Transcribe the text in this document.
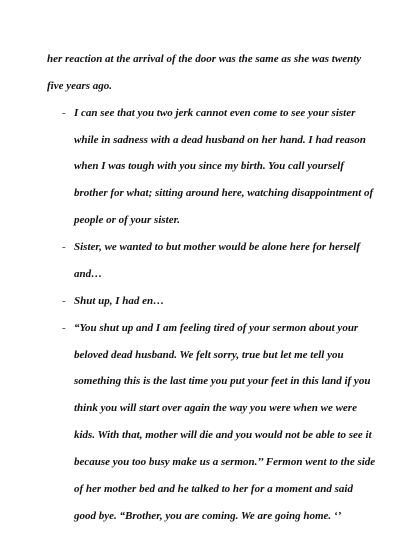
her reaction at the arrival of the door was the same as she was twenty
five years ago.
- I can see that you two jerk cannot even come to see your sister
while in sadness with a dead husband on her hand. I had reason
when I was tough with you since my birth. You call yourself
brother for what; sitting around here, watching disappointment of
people or of your sister.
- Sister, we wanted to but mother would be alone here for herself
and…
- Shut up, I had en…
- “You shut up and I am feeling tired of your sermon about your
beloved dead husband. We felt sorry, true but let me tell you
something this is the last time you put your feet in this land if you
think you will start over again the way you were when we were
kids. With that, mother will die and you would not be able to see it
because you too busy make us a sermon.’’ Fermon went to the side
of her mother bed and he talked to her for a moment and said
good bye. “Brother, you are coming. We are going home. ‘’
